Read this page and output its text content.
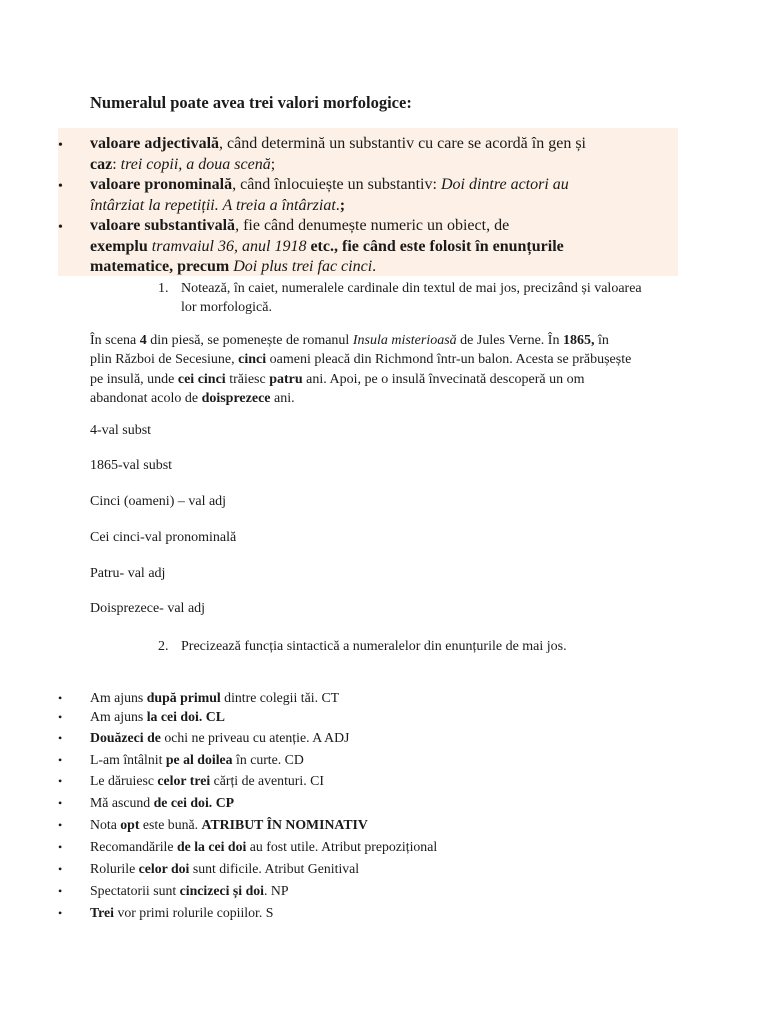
Numeralul poate avea trei valori morfologice:
• valoare adjectivală, când determină un substantiv cu care se acordă în gen și
caz: trei copii, a doua scenă;
• valoare pronominală, când înlocuiește un substantiv: Doi dintre actori au
întârziat la repetiții. A treia a întârziat.;
• valoare substantivală, fie când denumește numeric un obiect, de
exemplu tramvaiul 36, anul 1918 etc., fie când este folosit în enunțurile
matematice, precum Doi plus trei fac cinci.
1. Notează, în caiet, numeralele cardinale din textul de mai jos, precizând și valoarea
lor morfologică.
În scena 4 din piesă, se pomenește de romanul Insula misterioasă de Jules Verne. În 1865, în
plin Război de Secesiune, cinci oameni pleacă din Richmond într-un balon. Acesta se prăbușește
pe insulă, unde cei cinci trăiesc patru ani. Apoi, pe o insulă învecinată descoperă un om
abandonat acolo de doisprezece ani.
4-val subst
1865-val subst
Cinci (oameni) – val adj
Cei cinci-val pronominală
Patru- val adj
Doisprezece- val adj
2. Precizează funcția sintactică a numeralelor din enunțurile de mai jos.
• Am ajuns după primul dintre colegii tăi. CT
• Am ajuns la cei doi. CL
• Douăzeci de ochi ne priveau cu atenție. A ADJ
• L-am întâlnit pe al doilea în curte. CD
• Le dăruiesc celor trei cărți de aventuri. CI
• Mă ascund de cei doi. CP
• Nota opt este bună. ATRIBUT ÎN NOMINATIV
• Recomandările de la cei doi au fost utile. Atribut prepozițional
• Rolurile celor doi sunt dificile. Atribut Genitival
• Spectatorii sunt cincizeci și doi. NP
• Trei vor primi rolurile copiilor. S
